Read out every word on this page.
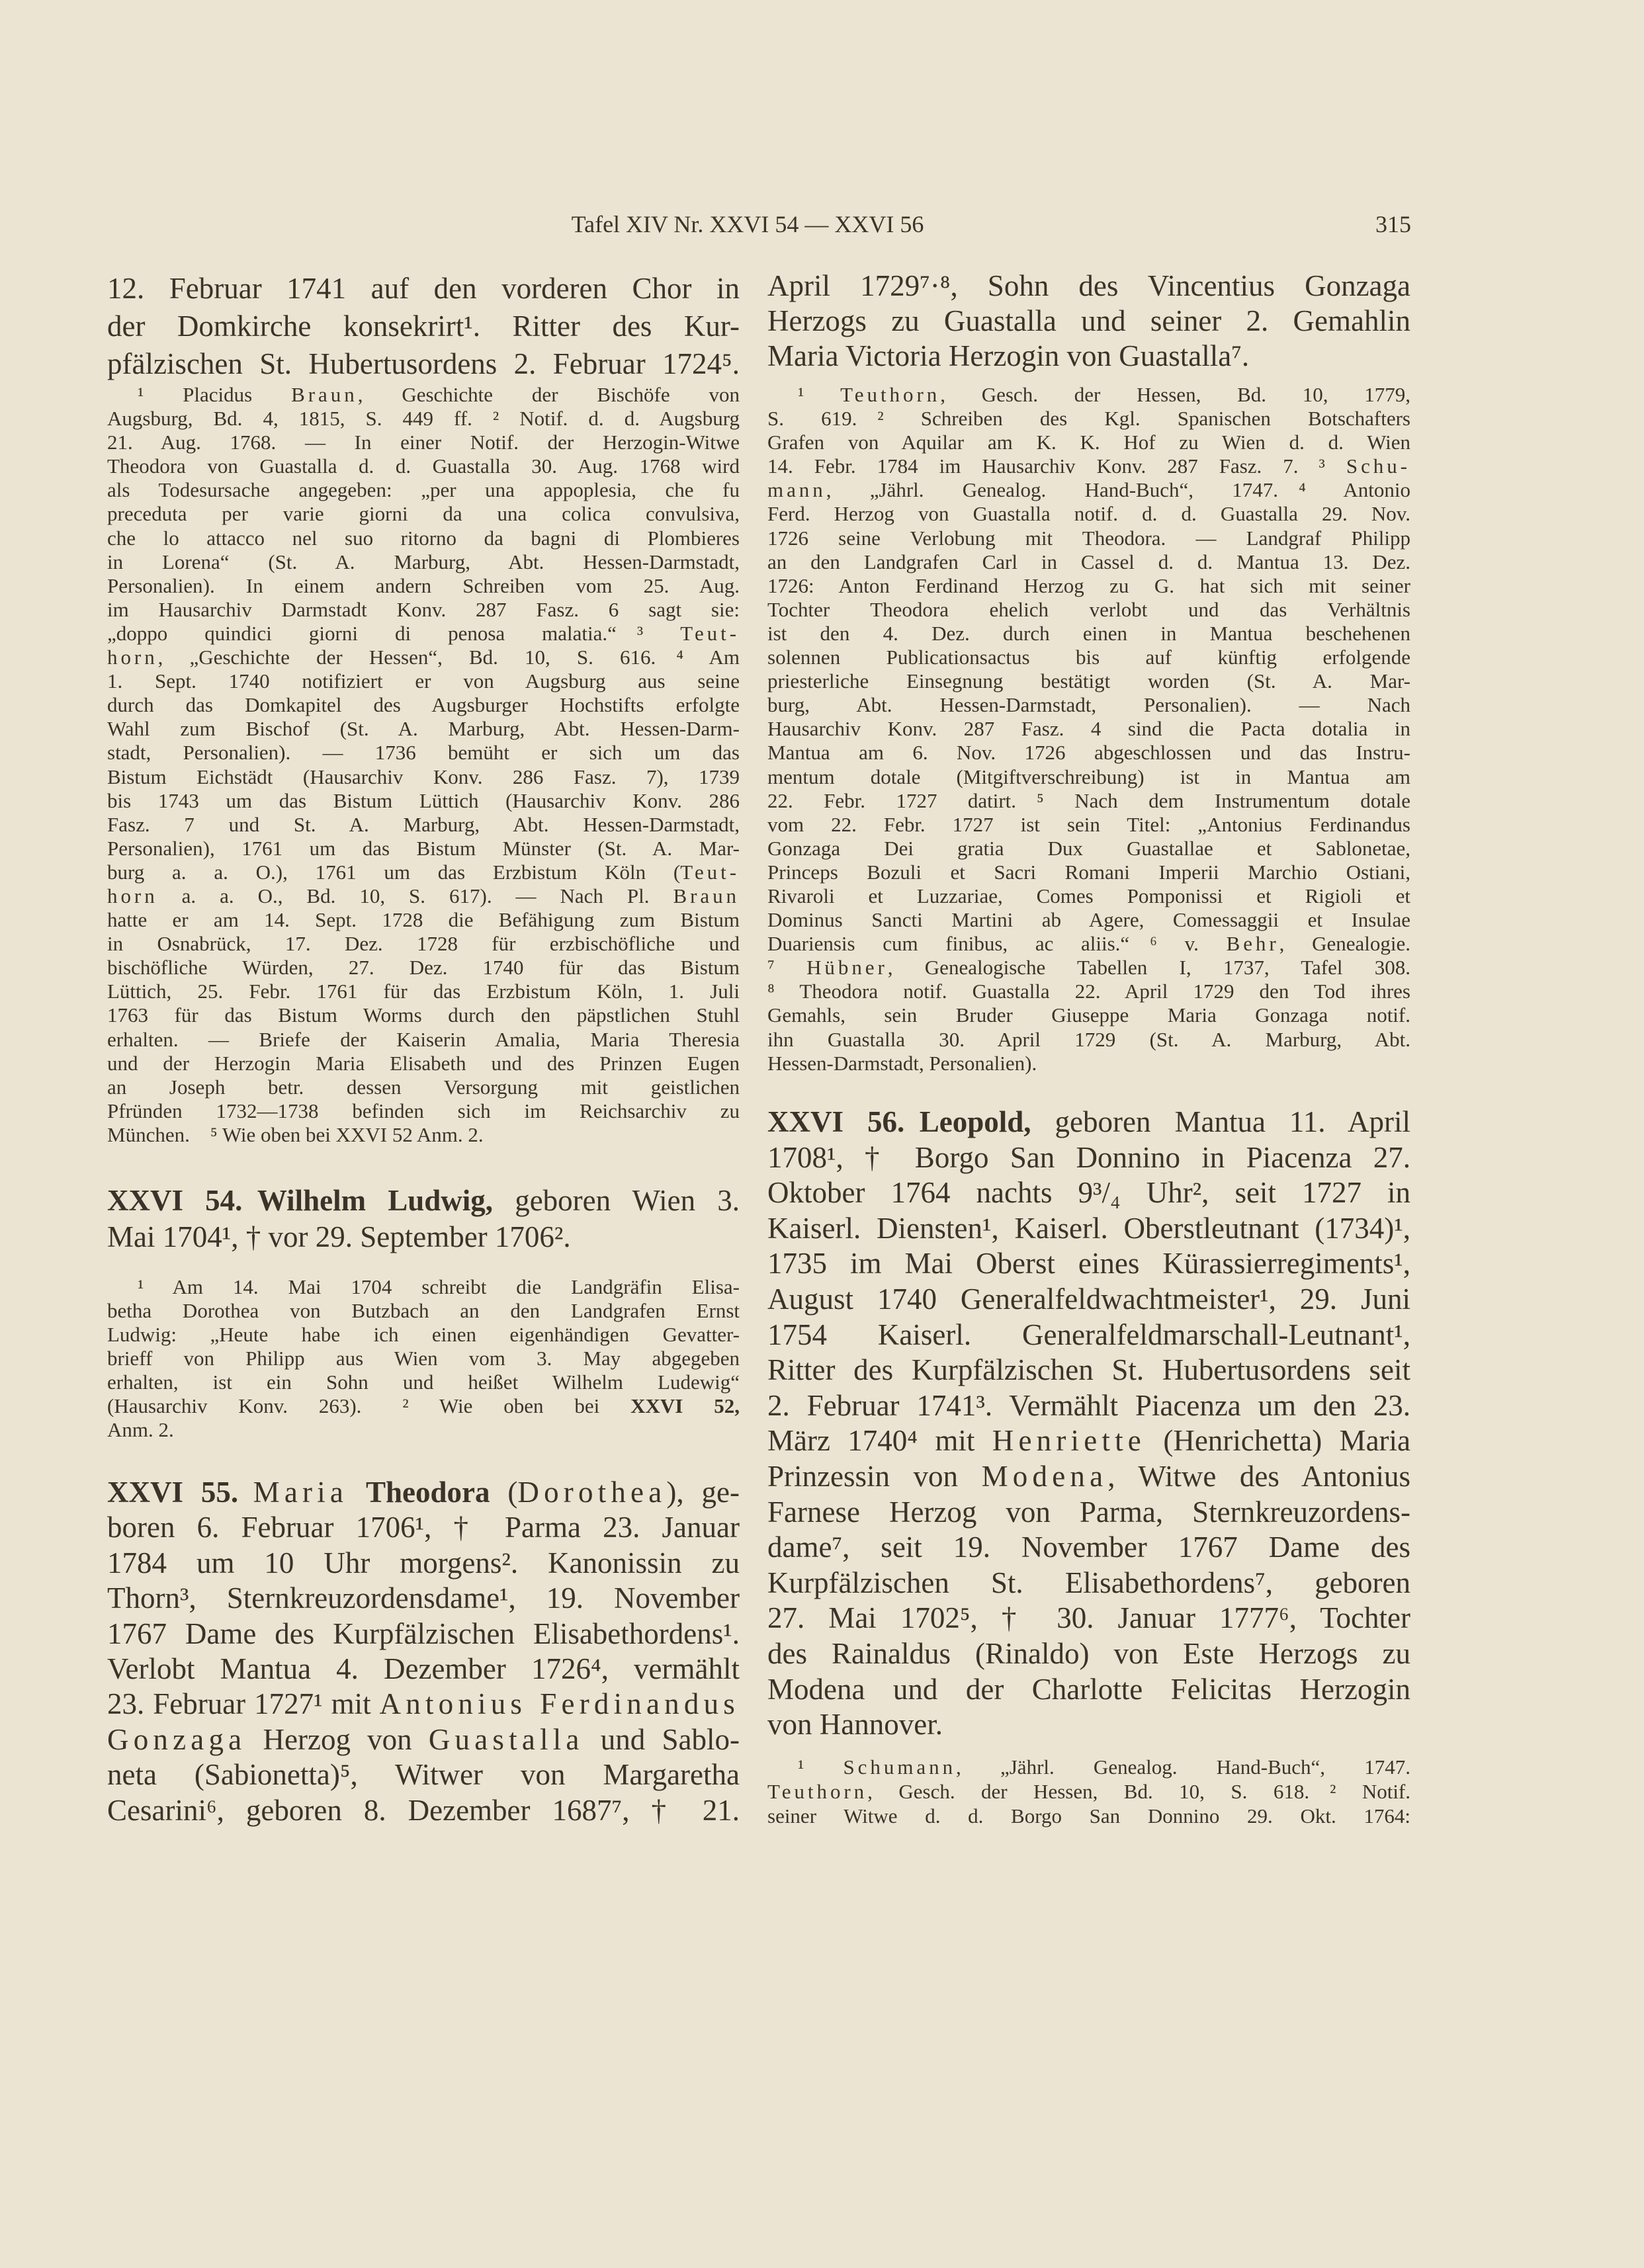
Tafel XIV Nr. XXVI 54 — XXVI 56	315
12. Februar 1741 auf den vorderen Chor in
der Domkirche konsekrirt¹. Ritter des Kur-
pfälzischen St. Hubertusordens 2. Februar 1724⁵.
¹ Placidus Braun, Geschichte der Bischöfe von
Augsburg, Bd. 4, 1815, S. 449 ff. ² Notif. d. d. Augsburg
21. Aug. 1768. — In einer Notif. der Herzogin-Witwe
Theodora von Guastalla d. d. Guastalla 30. Aug. 1768 wird
als Todesursache angegeben: „per una appoplesia, che fu
preceduta per varie giorni da una colica convulsiva,
che lo attacco nel suo ritorno da bagni di Plombieres
in Lorena“ (St. A. Marburg, Abt. Hessen-Darmstadt,
Personalien). In einem andern Schreiben vom 25. Aug.
im Hausarchiv Darmstadt Konv. 287 Fasz. 6 sagt sie:
„doppo quindici giorni di penosa malatia.“ ³ Teut-
horn, „Geschichte der Hessen“, Bd. 10, S. 616. ⁴ Am
1. Sept. 1740 notifiziert er von Augsburg aus seine
durch das Domkapitel des Augsburger Hochstifts erfolgte
Wahl zum Bischof (St. A. Marburg, Abt. Hessen-Darm-
stadt, Personalien). — 1736 bemüht er sich um das
Bistum Eichstädt (Hausarchiv Konv. 286 Fasz. 7), 1739
bis 1743 um das Bistum Lüttich (Hausarchiv Konv. 286
Fasz. 7 und St. A. Marburg, Abt. Hessen-Darmstadt,
Personalien), 1761 um das Bistum Münster (St. A. Mar-
burg a. a. O.), 1761 um das Erzbistum Köln (Teut-
horn a. a. O., Bd. 10, S. 617). — Nach Pl. Braun
hatte er am 14. Sept. 1728 die Befähigung zum Bistum
in Osnabrück, 17. Dez. 1728 für erzbischöfliche und
bischöfliche Würden, 27. Dez. 1740 für das Bistum
Lüttich, 25. Febr. 1761 für das Erzbistum Köln, 1. Juli
1763 für das Bistum Worms durch den päpstlichen Stuhl
erhalten. — Briefe der Kaiserin Amalia, Maria Theresia
und der Herzogin Maria Elisabeth und des Prinzen Eugen
an Joseph betr. dessen Versorgung mit geistlichen
Pfründen 1732—1738 befinden sich im Reichsarchiv zu
München. ⁵ Wie oben bei XXVI 52 Anm. 2.
XXVI 54. Wilhelm Ludwig, geboren Wien 3.
Mai 1704¹, † vor 29. September 1706².
¹ Am 14. Mai 1704 schreibt die Landgräfin Elisa-
betha Dorothea von Butzbach an den Landgrafen Ernst
Ludwig: „Heute habe ich einen eigenhändigen Gevatter-
brieff von Philipp aus Wien vom 3. May abgegeben
erhalten, ist ein Sohn und heißet Wilhelm Ludewig“
(Hausarchiv Konv. 263).  ² Wie oben bei XXVI 52,
Anm. 2.
XXVI 55.  Maria Theodora (Dorothea), ge-
boren 6. Februar 1706¹, † Parma 23. Januar
1784 um 10 Uhr morgens². Kanonissin zu
Thorn³, Sternkreuzordensdame¹, 19. November
1767 Dame des Kurpfälzischen Elisabethordens¹.
Verlobt Mantua 4. Dezember 1726⁴, vermählt
23. Februar 1727¹ mit Antonius Ferdinandus
Gonzaga Herzog von Guastalla und Sablo-
neta (Sabionetta)⁵, Witwer von Margaretha
Cesarini⁶, geboren 8. Dezember 1687⁷, † 21.
April 1729⁷·⁸, Sohn des Vincentius Gonzaga
Herzogs zu Guastalla und seiner 2. Gemahlin
Maria Victoria Herzogin von Guastalla⁷.
¹ Teuthorn, Gesch. der Hessen, Bd. 10, 1779,
S. 619. ² Schreiben des Kgl. Spanischen Botschafters
Grafen von Aquilar am K. K. Hof zu Wien d. d. Wien
14. Febr. 1784 im Hausarchiv Konv. 287 Fasz. 7. ³ Schu-
mann, „Jährl. Genealog. Hand-Buch“, 1747. ⁴ Antonio
Ferd. Herzog von Guastalla notif. d. d. Guastalla 29. Nov.
1726 seine Verlobung mit Theodora. — Landgraf Philipp
an den Landgrafen Carl in Cassel d. d. Mantua 13. Dez.
1726: Anton Ferdinand Herzog zu G. hat sich mit seiner
Tochter Theodora ehelich verlobt und das Verhältnis
ist den 4. Dez. durch einen in Mantua beschehenen
solennen Publicationsactus bis auf künftig erfolgende
priesterliche Einsegnung bestätigt worden (St. A. Mar-
burg, Abt. Hessen-Darmstadt, Personalien). — Nach
Hausarchiv Konv. 287 Fasz. 4 sind die Pacta dotalia in
Mantua am 6. Nov. 1726 abgeschlossen und das Instru-
mentum dotale (Mitgiftverschreibung) ist in Mantua am
22. Febr. 1727 datirt. ⁵ Nach dem Instrumentum dotale
vom 22. Febr. 1727 ist sein Titel: „Antonius Ferdinandus
Gonzaga Dei gratia Dux Guastallae et Sablonetae,
Princeps Bozuli et Sacri Romani Imperii Marchio Ostiani,
Rivaroli et Luzzariae, Comes Pomponissi et Rigioli et
Dominus Sancti Martini ab Agere, Comessaggii et Insulae
Duariensis cum finibus, ac aliis.“ ⁶ v. Behr, Genealogie.
⁷ Hübner, Genealogische Tabellen I, 1737, Tafel 308.
⁸ Theodora notif. Guastalla 22. April 1729 den Tod ihres
Gemahls, sein Bruder Giuseppe Maria Gonzaga notif.
ihn Guastalla 30. April 1729 (St. A. Marburg, Abt.
Hessen-Darmstadt, Personalien).
XXVI 56. Leopold, geboren Mantua 11. April
1708¹, † Borgo San Donnino in Piacenza 27.
Oktober 1764 nachts 9³/₄ Uhr², seit 1727 in
Kaiserl. Diensten¹, Kaiserl. Oberstleutnant (1734)¹,
1735 im Mai Oberst eines Kürassierregiments¹,
August 1740 Generalfeldwachtmeister¹, 29. Juni
1754 Kaiserl. Generalfeldmarschall-Leutnant¹,
Ritter des Kurpfälzischen St. Hubertusordens seit
2. Februar 1741³. Vermählt Piacenza um den 23.
März 1740⁴ mit Henriette (Henrichetta) Maria
Prinzessin von Modena, Witwe des Antonius
Farnese Herzog von Parma, Sternkreuzordens-
dame⁷, seit 19. November 1767 Dame des
Kurpfälzischen St. Elisabethordens⁷, geboren
27. Mai 1702⁵, † 30. Januar 1777⁶, Tochter
des Rainaldus (Rinaldo) von Este Herzogs zu
Modena und der Charlotte Felicitas Herzogin
von Hannover.
¹ Schumann, „Jährl. Genealog. Hand-Buch“, 1747.
Teuthorn, Gesch. der Hessen, Bd. 10, S. 618. ² Notif.
seiner Witwe d. d. Borgo San Donnino 29. Okt. 1764:
